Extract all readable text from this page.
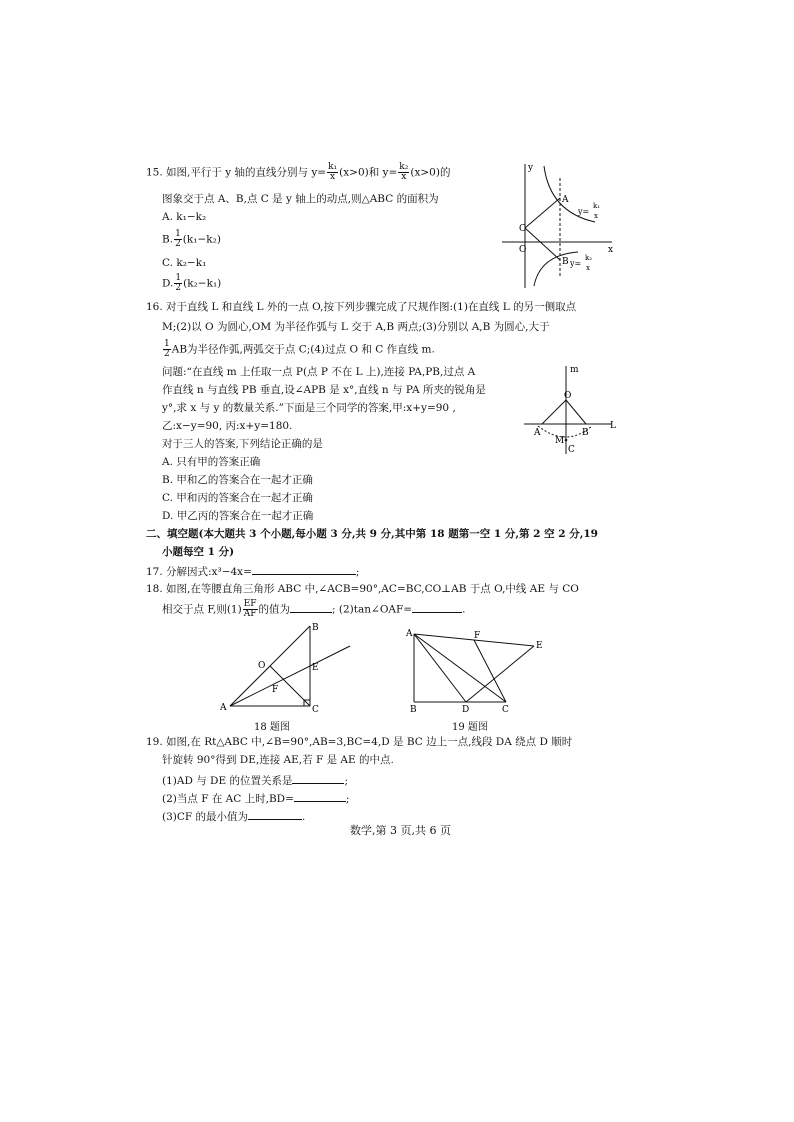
15. 如图,平行于 y 轴的直线分别与 $y= \frac{\text{k₁}}{x} (x>0)$和 $y= \frac{\text{k₂}}{x} (x>0)$的
图象交于点 A、B,点 C 是 y 轴上的动点,则△ABC 的面积为
A. k₁−k₂
B. $\frac{1}{2} (k_1-k_2)$
C. k₂−k₁
D. $\frac{1}{2} (k_2-k_1)$
A
B
C
O	x
y
y=
k₁
x
y=
k₂
x
16. 对于直线 L 和直线 L 外的一点 O,按下列步骤完成了尺规作图:(1)在直线 L 的另一侧取点
M;(2)以 O 为圆心,OM 为半径作弧与 L 交于 A,B 两点;(3)分别以 A,B 为圆心,大于
$\frac{1}{2}$ AB为半径作弧,两弧交于点 C;(4)过点 O 和 C 作直线 m.
问题:“在直线 m 上任取一点 P(点 P 不在 L 上),连接 PA,PB,过点 A
作直线 n 与直线 PB 垂直,设∠APB 是 x°,直线 n 与 PA 所夹的锐角是
y°,求 x 与 y 的数量关系.”下面是三个同学的答案,甲:x+y=90 ,
乙:x−y=90, 丙:x+y=180.
对于三人的答案,下列结论正确的是
A. 只有甲的答案正确
B. 甲和乙的答案合在一起才正确
C. 甲和丙的答案合在一起才正确
D. 甲乙丙的答案合在一起才正确
m
O
A	B
L
M
C
二、填空题(本大题共 3 个小题,每小题 3 分,共 9 分,其中第 18 题第一空 1 分,第 2 空 2 分,19
小题每空 1 分)
17. 分解因式:x³−4x=	;
18. 如图,在等腰直角三角形 ABC 中,∠ACB=90°,AC=BC,CO⊥AB 于点 O,中线 AE 与 CO
相交于点 F,则$(1) \frac{EF}{AF}$ 的值为	; (2)tan∠OAF=	.
B
A	C
O	E
F
18 题图
A
B	D	C
E
F
19 题图
19. 如图,在 Rt△ABC 中,∠B=90°,AB=3,BC=4,D 是 BC 边上一点,线段 DA 绕点 D 顺时
针旋转 90°得到 DE,连接 AE,若 F 是 AE 的中点.
(1)AD 与 DE 的位置关系是	;
(2)当点 F 在 AC 上时,BD=	;
(3)CF 的最小值为	.
数学,第 3 页,共 6 页
